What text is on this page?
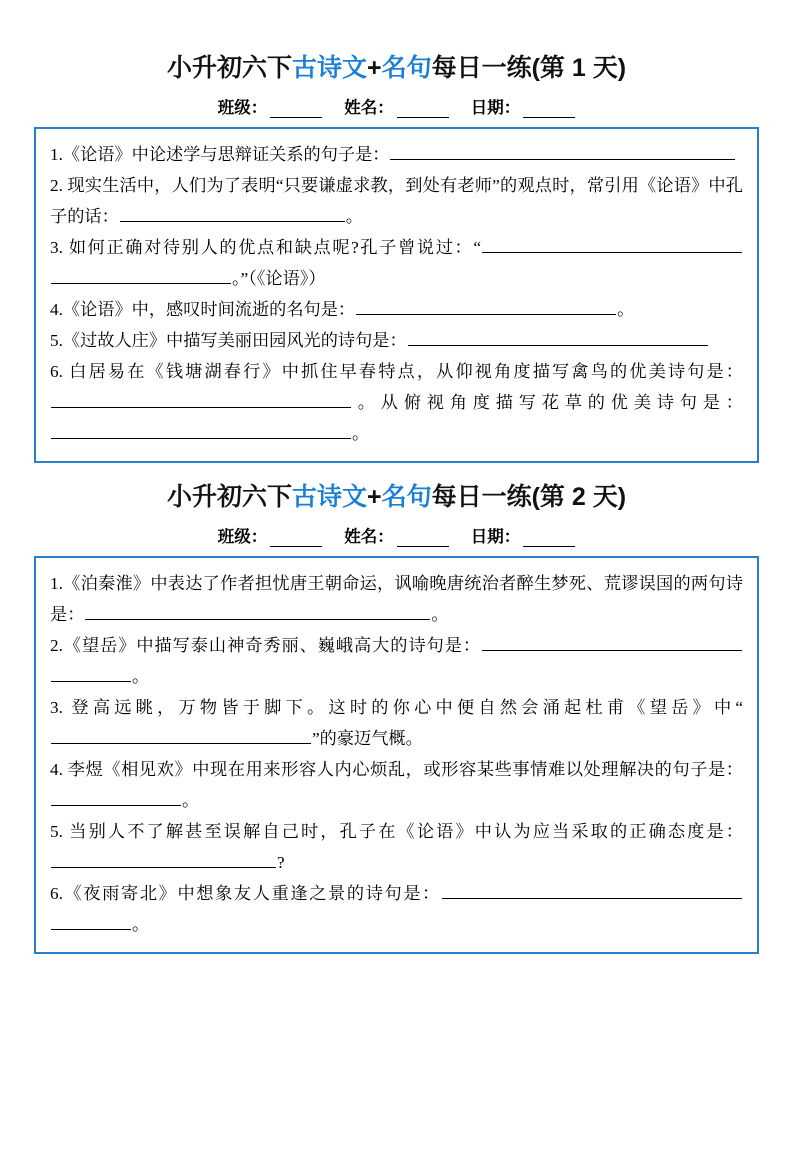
小升初六下古诗文+名句每日一练(第 1 天)
班级：	姓名：	日期：
1.《论语》中论述学与思辩证关系的句子是：
2. 现实生活中，人们为了表明“只要谦虚求教，到处有老师”的观点时，常引用《论语》中孔子的话：	。
3. 如何正确对待别人的优点和缺点呢?孔子曾说过：“。”（《论语》）
4.《论语》中，感叹时间流逝的名句是：	。
5.《过故人庄》中描写美丽田园风光的诗句是：
6. 白居易在《钱塘湖春行》中抓住早春特点，从仰视角度描写禽鸟的优美诗句是：。从俯视角度描写花草的优美诗句是：。
小升初六下古诗文+名句每日一练(第 2 天)
班级：	姓名：	日期：
1.《泊秦淮》中表达了作者担忧唐王朝命运，讽喻晚唐统治者醉生梦死、荒谬误国的两句诗是：	。
2.《望岳》中描写泰山神奇秀丽、巍峨高大的诗句是：。
3. 登高远眺，万物皆于脚下。这时的你心中便自然会涌起杜甫《望岳》中“”的豪迈气概。
4. 李煜《相见欢》中现在用来形容人内心烦乱，或形容某些事情难以处理解决的句子是：。
5. 当别人不了解甚至误解自己时，孔子在《论语》中认为应当采取的正确态度是：?
6.《夜雨寄北》中想象友人重逢之景的诗句是：。
